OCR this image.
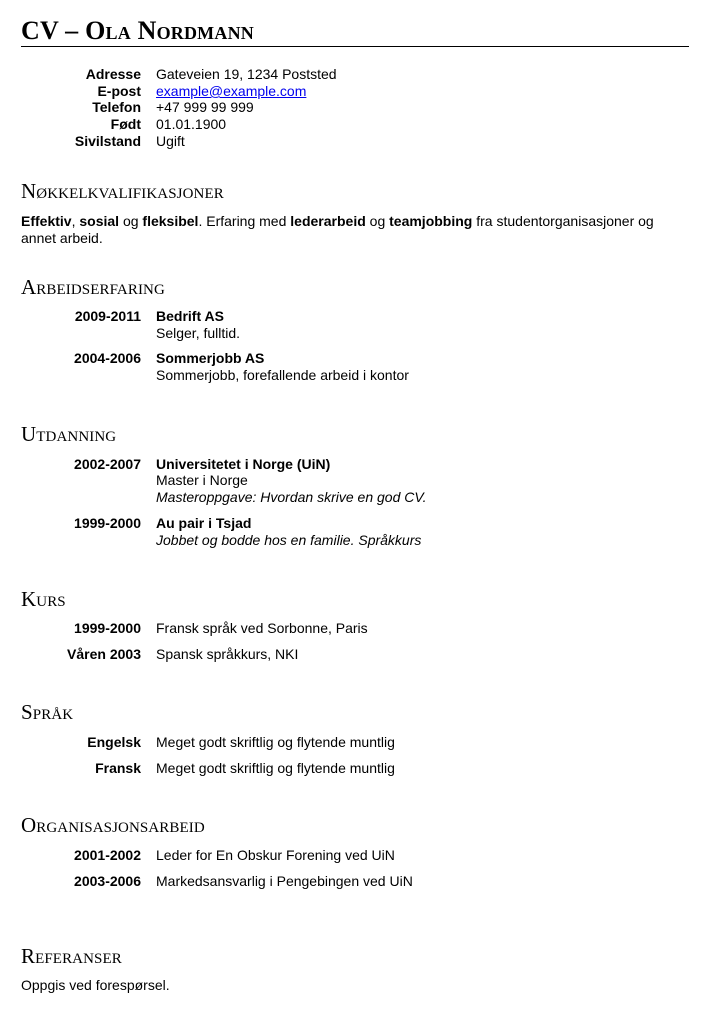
CV – Ola Nordmann
Adresse Gateveien 19, 1234 Poststed
E-post example@example.com
Telefon +47 999 99 999
Født 01.01.1900
Sivilstand Ugift
Nøkkelkvalifikasjoner
Effektiv, sosial og fleksibel. Erfaring med lederarbeid og teamjobbing fra studentorganisasjoner og annet arbeid.
Arbeidserfaring
2009-2011 Bedrift AS
Selger, fulltid.
2004-2006 Sommerjobb AS
Sommerjobb, forefallende arbeid i kontor
Utdanning
2002-2007 Universitetet i Norge (UiN)
Master i Norge
Masteroppgave: Hvordan skrive en god CV.
1999-2000 Au pair i Tsjad
Jobbet og bodde hos en familie. Språkkurs
Kurs
1999-2000 Fransk språk ved Sorbonne, Paris
Våren 2003 Spansk språkkurs, NKI
Språk
Engelsk Meget godt skriftlig og flytende muntlig
Fransk Meget godt skriftlig og flytende muntlig
Organisasjonsarbeid
2001-2002 Leder for En Obskur Forening ved UiN
2003-2006 Markedsansvarlig i Pengebingen ved UiN
Referanser
Oppgis ved forespørsel.
